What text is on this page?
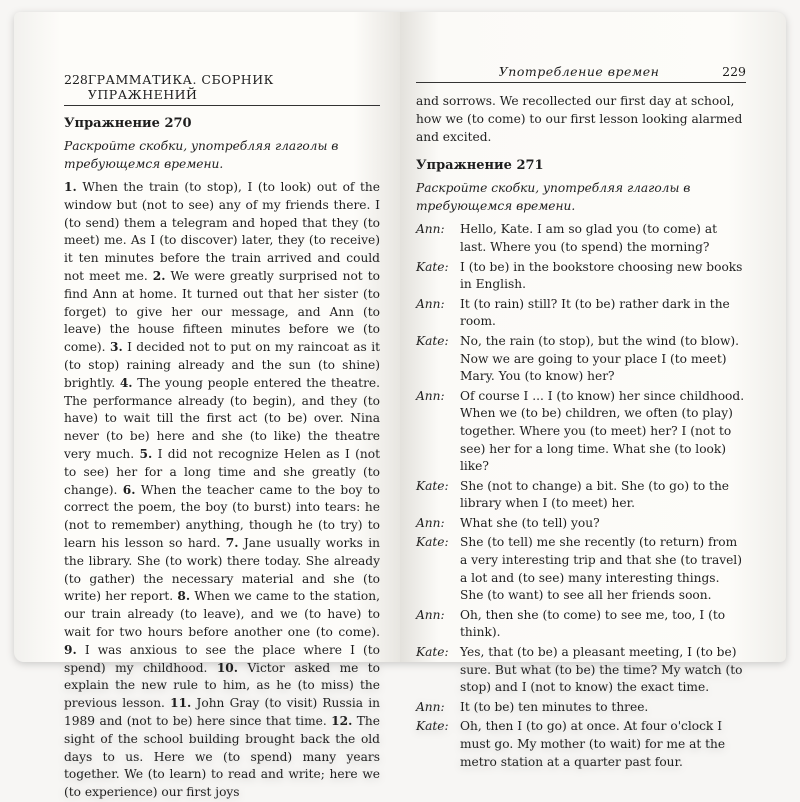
228 ГРАММАТИКА. СБОРНИК УПРАЖНЕНИЙ
Упражнение 270

Раскройте скобки, употребляя глаголы в требующемся времени.

1. When the train (to stop), I (to look) out of the window but (not to see) any of my friends there. I (to send) them a telegram and hoped that they (to meet) me. As I (to discover) later, they (to receive) it ten minutes before the train arrived and could not meet me. 2. We were greatly surprised not to find Ann at home. It turned out that her sister (to forget) to give her our message, and Ann (to leave) the house fifteen minutes before we (to come). 3. I decided not to put on my raincoat as it (to stop) raining already and the sun (to shine) brightly. 4. The young people entered the theatre. The performance already (to begin), and they (to have) to wait till the first act (to be) over. Nina never (to be) here and she (to like) the theatre very much. 5. I did not recognize Helen as I (not to see) her for a long time and she greatly (to change). 6. When the teacher came to the boy to correct the poem, the boy (to burst) into tears: he (not to remember) anything, though he (to try) to learn his lesson so hard. 7. Jane usually works in the library. She (to work) there today. She already (to gather) the necessary material and she (to write) her report. 8. When we came to the station, our train already (to leave), and we (to have) to wait for two hours before another one (to come). 9. I was anxious to see the place where I (to spend) my childhood. 10. Victor asked me to explain the new rule to him, as he (to miss) the previous lesson. 11. John Gray (to visit) Russia in 1989 and (not to be) here since that time. 12. The sight of the school building brought back the old days to us. Here we (to spend) many years together. We (to learn) to read and write; here we (to experience) our first joys

Употребление времен	229

and sorrows. We recollected our first day at school, how we (to come) to our first lesson looking alarmed and excited.

Упражнение 271

Раскройте скобки, употребляя глаголы в требующемся времени.

Ann:	Hello, Kate. I am so glad you (to come) at last. Where you (to spend) the morning?
Kate: I (to be) in the bookstore choosing new books in English.
Ann:	It (to rain) still? It (to be) rather dark in the room.
Kate: No, the rain (to stop), but the wind (to blow). Now we are going to your place I (to meet) Mary. You (to know) her?
Ann:	Of course I ... I (to know) her since childhood. When we (to be) children, we often (to play) together. Where you (to meet) her? I (not to see) her for a long time. What she (to look) like?
Kate: She (not to change) a bit. She (to go) to the library when I (to meet) her.
Ann:	What she (to tell) you?
Kate: She (to tell) me she recently (to return) from a very interesting trip and that she (to travel) a lot and (to see) many interesting things. She (to want) to see all her friends soon.
Ann:	Oh, then she (to come) to see me, too, I (to think).
Kate: Yes, that (to be) a pleasant meeting, I (to be) sure. But what (to be) the time? My watch (to stop) and I (not to know) the exact time.
Ann:	It (to be) ten minutes to three.
Kate: Oh, then I (to go) at once. At four o'clock I must go. My mother (to wait) for me at the metro station at a quarter past four.
